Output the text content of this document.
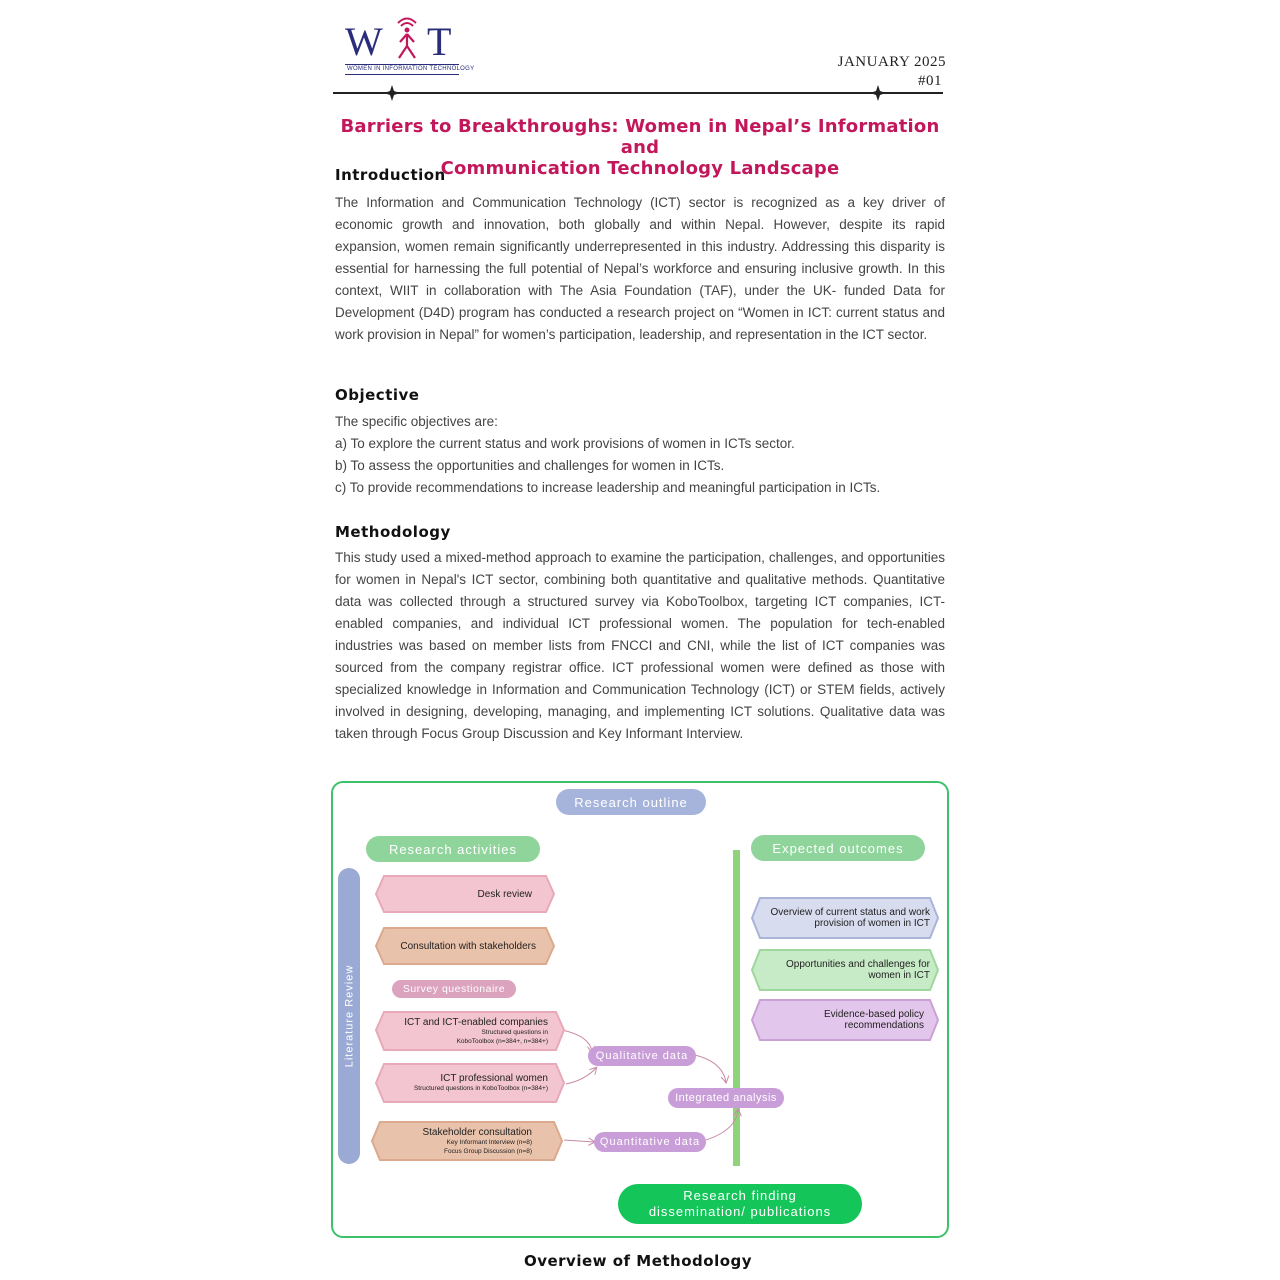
W T
WOMEN IN INFORMATION TECHNOLOGY	JANUARY 2025
#01
Barriers to Breakthroughs: Women in Nepal’s Information and
Communication Technology Landscape
Introduction
The Information and Communication Technology (ICT) sector is recognized as a key driver of economic growth and innovation, both globally and within Nepal. However, despite its rapid expansion, women remain significantly underrepresented in this industry. Addressing this disparity is essential for harnessing the full potential of Nepal’s workforce and ensuring inclusive growth. In this context, WIIT in collaboration with The Asia Foundation (TAF), under the UK- funded Data for Development (D4D) program has conducted a research project on “Women in ICT: current status and work provision in Nepal” for women’s participation, leadership, and representation in the ICT sector.
Objective
The specific objectives are:
a) To explore the current status and work provisions of women in ICTs sector.
b) To assess the opportunities and challenges for women in ICTs.
c) To provide recommendations to increase leadership and meaningful participation in ICTs.
Methodology
This study used a mixed-method approach to examine the participation, challenges, and opportunities for women in Nepal's ICT sector, combining both quantitative and qualitative methods. Quantitative data was collected through a structured survey via KoboToolbox, targeting ICT companies, ICT-enabled companies, and individual ICT professional women. The population for tech-enabled industries was based on member lists from FNCCI and CNI, while the list of ICT companies was sourced from the company registrar office. ICT professional women were defined as those with specialized knowledge in Information and Communication Technology (ICT) or STEM fields, actively involved in designing, developing, managing, and implementing ICT solutions. Qualitative data was taken through Focus Group Discussion and Key Informant Interview.
Research outline
Research activities	Expected outcomes
Literature Review
Desk review
Consultation with stakeholders
Survey questionaire
ICT and ICT-enabled companies
Structured questions in
KoboToolbox (n=384+, n=384+)
ICT professional women
Structured questions in KoboToolbox (n=384+)
Stakeholder consultation
Key Informant Interview (n=8)
Focus Group Discussion (n=8)
Qualitative data
Quantitative data
Integrated analysis
Overview of current status and work
provision of women in ICT
Opportunities and challenges for
women in ICT
Evidence-based policy
recommendations
Research finding
dissemination/ publications
Overview of Methodology
